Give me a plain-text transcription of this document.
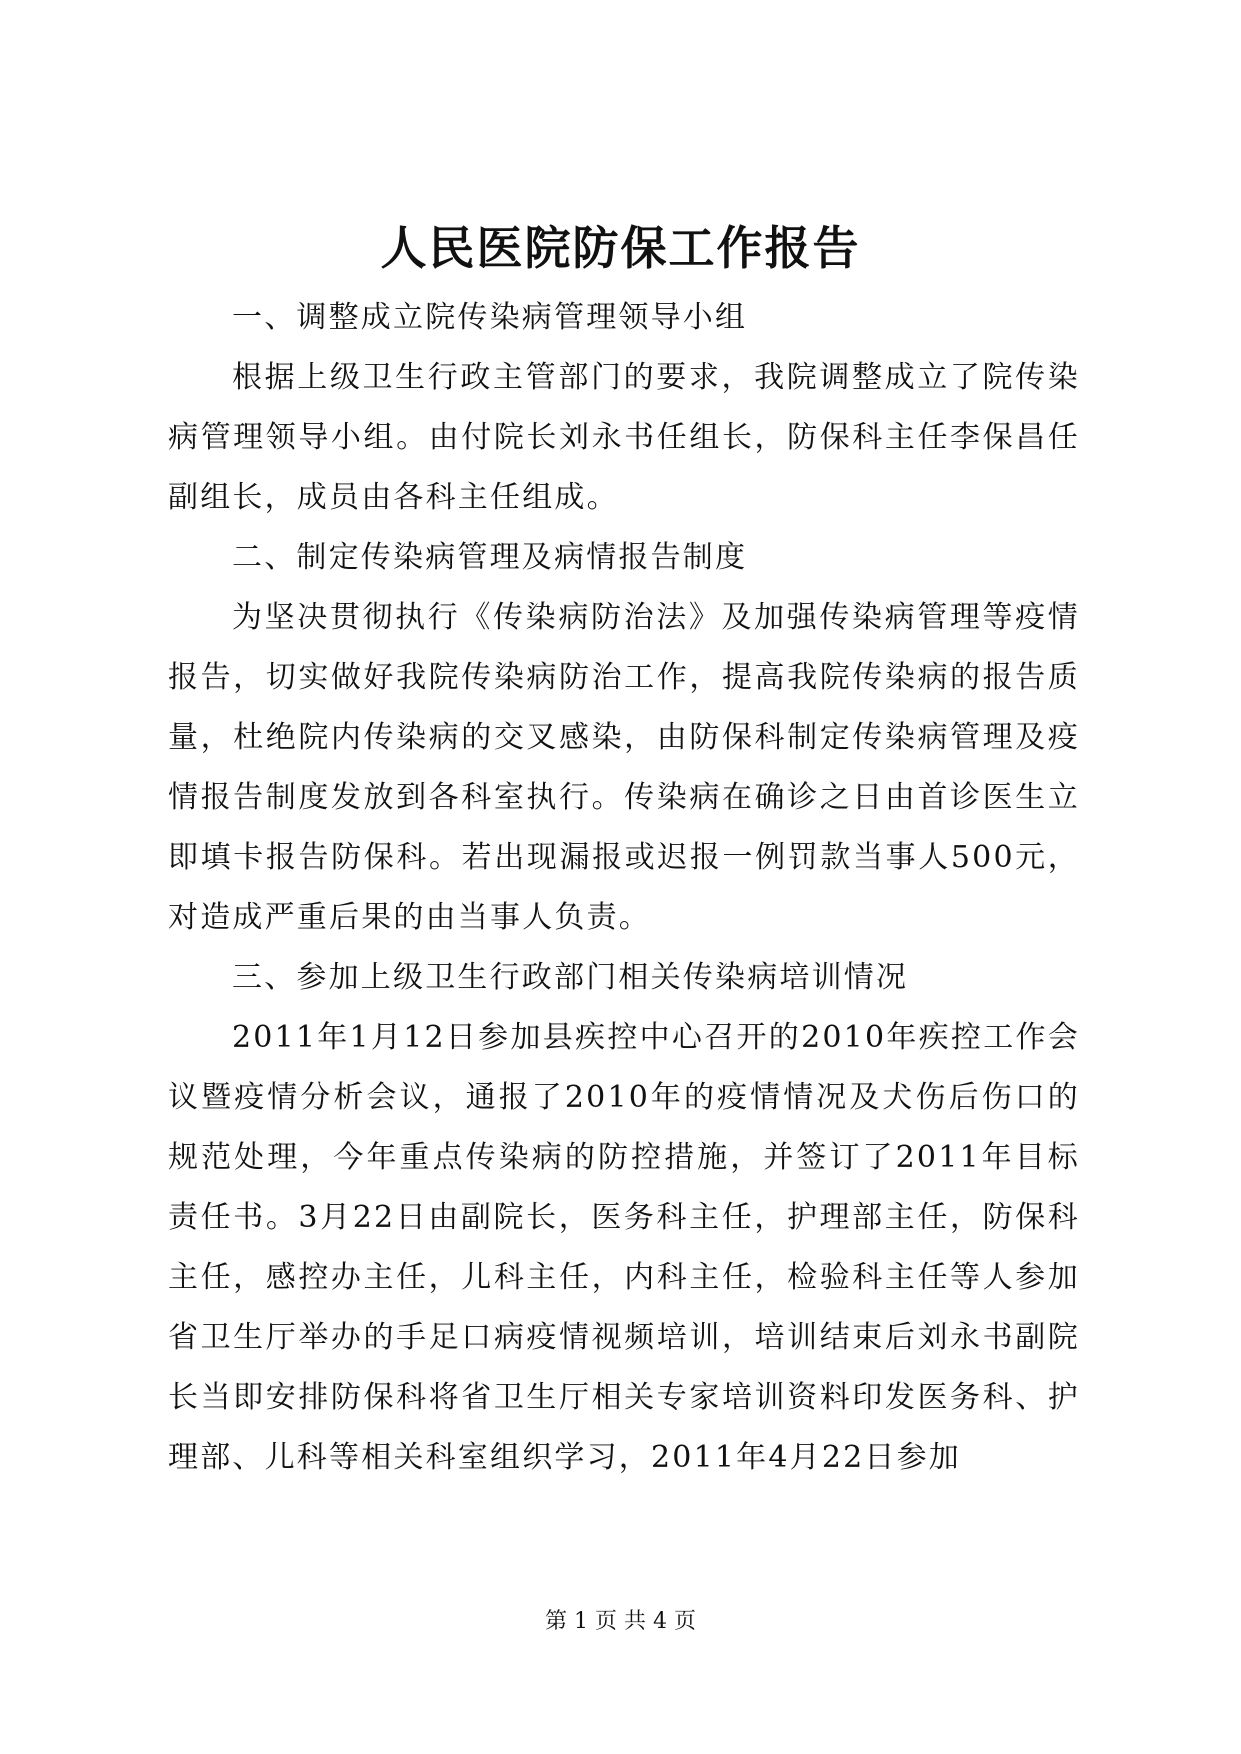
人民医院防保工作报告

一、调整成立院传染病管理领导小组

根据上级卫生行政主管部门的要求，我院调整成立了院传染病管理领导小组。由付院长刘永书任组长，防保科主任李保昌任副组长，成员由各科主任组成。

二、制定传染病管理及病情报告制度

为坚决贯彻执行《传染病防治法》及加强传染病管理等疫情报告，切实做好我院传染病防治工作，提高我院传染病的报告质量，杜绝院内传染病的交叉感染，由防保科制定传染病管理及疫情报告制度发放到各科室执行。传染病在确诊之日由首诊医生立即填卡报告防保科。若出现漏报或迟报一例罚款当事人500元，对造成严重后果的由当事人负责。

三、参加上级卫生行政部门相关传染病培训情况

2011年1月12日参加县疾控中心召开的2010年疾控工作会议暨疫情分析会议，通报了2010年的疫情情况及犬伤后伤口的规范处理，今年重点传染病的防控措施，并签订了2011年目标责任书。3月22日由副院长，医务科主任，护理部主任，防保科主任，感控办主任，儿科主任，内科主任，检验科主任等人参加省卫生厅举办的手足口病疫情视频培训，培训结束后刘永书副院长当即安排防保科将省卫生厅相关专家培训资料印发医务科、护理部、儿科等相关科室组织学习，2011年4月22日参加

第 1 页 共 4 页
